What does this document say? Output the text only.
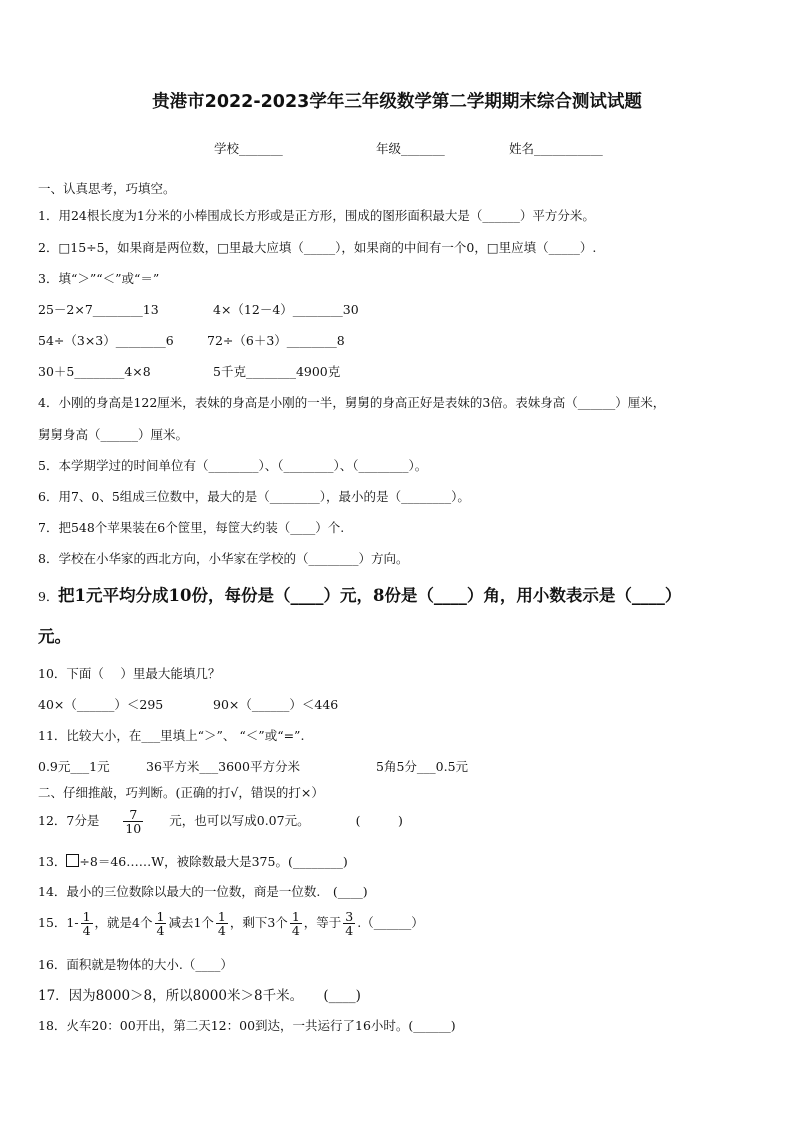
贵港市2022-2023学年三年级数学第二学期期末综合测试试题
学校_______	年级_______	姓名___________
一、认真思考，巧填空。
1．用24根长度为1分米的小棒围成长方形或是正方形，围成的图形面积最大是（______）平方分米。
2．□15÷5，如果商是两位数，□里最大应填（_____），如果商的中间有一个0，□里应填（_____）.
3．填“＞”“＜”或“＝”
25－2×7________13	4×（12－4）________30
54÷（3×3）________6	72÷（6＋3）________8
30＋5________4×8	5千克________4900克
4．小刚的身高是122厘米，表妹的身高是小刚的一半，舅舅的身高正好是表妹的3倍。表妹身高（______）厘米，
舅舅身高（______）厘米。
5．本学期学过的时间单位有（________）、（________）、（________）。
6．用7、0、5组成三位数中，最大的是（________），最小的是（________）。
7．把548个苹果装在6个筐里，每筐大约装（____）个.
8．学校在小华家的西北方向，小华家在学校的（________）方向。
9． 把1元平均分成10份，每份是（____）元，8份是（____）角，用小数表示是（____）
元。
10．下面（　 ）里最大能填几？
40×（______）＜295	90×（______）＜446
11．比较大小，在___里填上“＞”、 “＜”或“=”.
0.9元___1元	36平方米___3600平方分米	5角5分___0.5元
二、仔细推敲，巧判断。(正确的打√，错误的打×）
12．7分是 $\frac{7}{10}$ 元，也可以写成0.07元。	(　　　)
13． ÷8＝46……W，被除数最大是375。(________)
14．最小的三位数除以最大的一位数，商是一位数.　(____)
15．$1- \frac{1}{4}$ ，就是4个 $\frac{1}{4}$ 减去1个 $\frac{1}{4}$ ，剩下3个 $\frac{1}{4}$ ，等于 $\frac{3}{4}$ .（______）
16．面积就是物体的大小.（____）
17．因为8000＞8，所以8000米＞8千米。　　(____)
18．火车20：00开出，第二天12：00到达，一共运行了16小时。(______)
